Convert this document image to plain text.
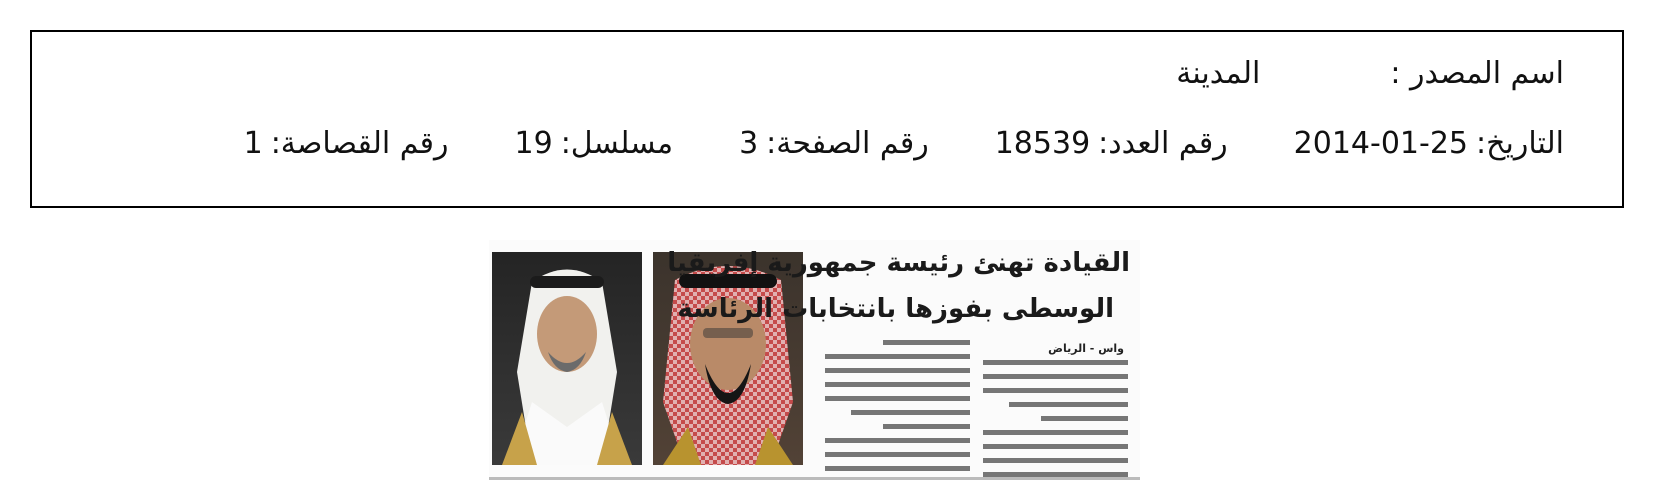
اسم المصدر :
المدينة
التاريخ:
2014-01-25
رقم العدد:
18539
رقم الصفحة:
3
مسلسل:
19
رقم القصاصة:
1
القيادة تهنئ رئيسة جمهورية إفريقيا
الوسطى بفوزها بانتخابات الرئاسة
واس - الرياض
